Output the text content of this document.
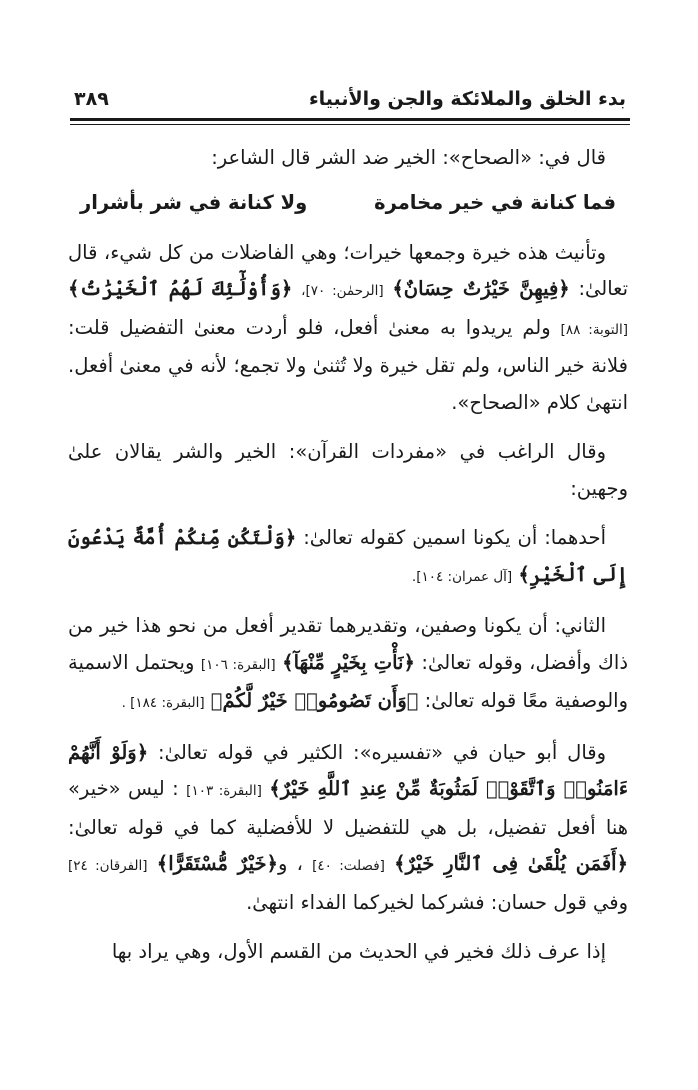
بدء الخلق والملائكة والجن والأنبياء
٣٨٩

قال في: «الصحاح»: الخير ضد الشر قال الشاعر:

فما كنانة في خير مخامرة
ولا كنانة في شر بأشرار

وتأنيث هذه خيرة وجمعها خيرات؛ وهي الفاضلات من كل شيء، قال تعالىٰ: ﴿فِيهِنَّ خَيْرَٰتٌ حِسَانٌ﴾ [الرحمٰن: ٧٠]، ﴿وَأُوْلَٰٓئِكَ لَهُمُ ٱلْخَيْرَٰتُ﴾ [التوبة: ٨٨] ولم يريدوا به معنىٰ أفعل، فلو أردت معنىٰ التفضيل قلت: فلانة خير الناس، ولم تقل خيرة ولا تُثنىٰ ولا تجمع؛ لأنه في معنىٰ أفعل. انتهىٰ كلام «الصحاح».

وقال الراغب في «مفردات القرآن»: الخير والشر يقالان علىٰ وجهين:

أحدهما: أن يكونا اسمين كقوله تعالىٰ: ﴿وَلْتَكُن مِّنكُمْ أُمَّةٌ يَدْعُونَ إِلَى ٱلْخَيْرِ﴾ [آل عمران: ١٠٤].

الثاني: أن يكونا وصفين، وتقديرهما تقدير أفعل من نحو هذا خير من ذاك وأفضل، وقوله تعالىٰ: ﴿نَأْتِ بِخَيْرٍ مِّنْهَآ﴾ [البقرة: ١٠٦] ويحتمل الاسمية والوصفية معًا قوله تعالىٰ: ﴿وَأَن تَصُومُوا۟ خَيْرٌ لَّكُمْ﴾ [البقرة: ١٨٤] .

وقال أبو حيان في «تفسيره»: الكثير في قوله تعالىٰ: ﴿وَلَوْ أَنَّهُمْ ءَامَنُوا۟ وَٱتَّقَوْا۟ لَمَثُوبَةٌ مِّنْ عِندِ ٱللَّهِ خَيْرٌ﴾ [البقرة: ١٠٣] : ليس «خير» هنا أفعل تفضيل، بل هي للتفضيل لا للأفضلية كما في قوله تعالىٰ: ﴿أَفَمَن يُلْقَىٰ فِى ٱلنَّارِ خَيْرٌ﴾ [فصلت: ٤٠] ، و﴿خَيْرٌ مُّسْتَقَرًّا﴾ [الفرقان: ٢٤] وفي قول حسان: فشركما لخيركما الفداء انتهىٰ.

إذا عرف ذلك فخير في الحديث من القسم الأول، وهي يراد بها
